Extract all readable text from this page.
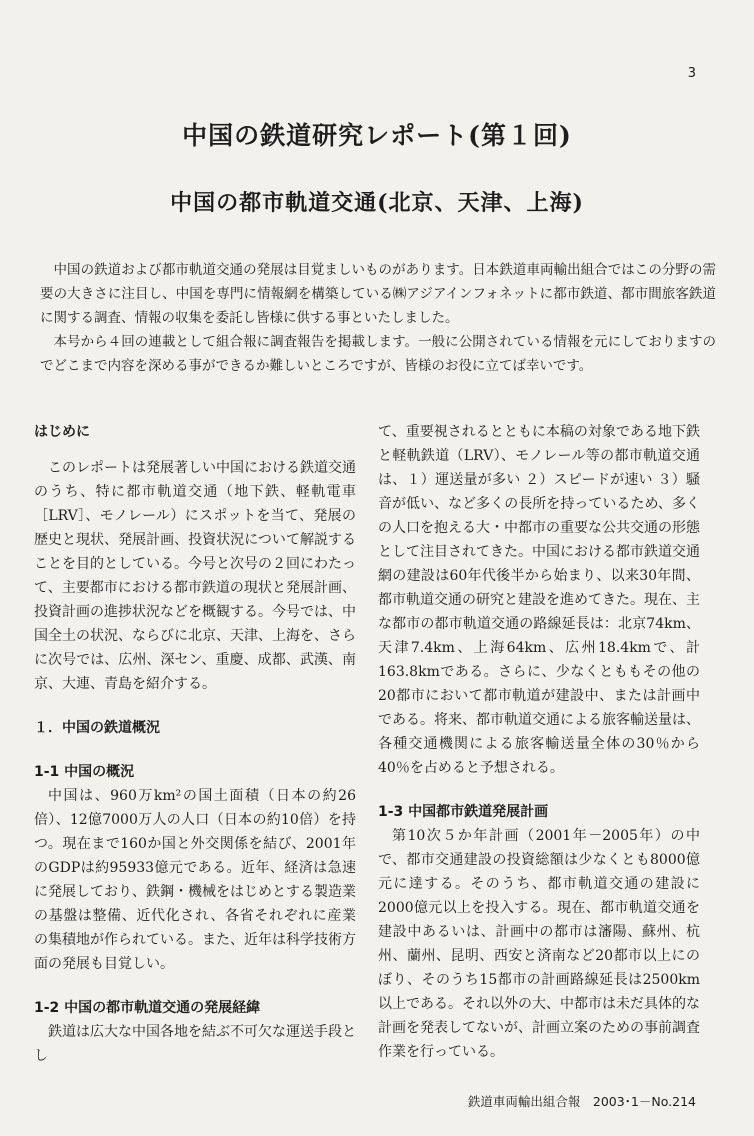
3
中国の鉄道研究レポート(第１回)
中国の都市軌道交通(北京、天津、上海)

中国の鉄道および都市軌道交通の発展は目覚ましいものがあります。日本鉄道車両輸出組合ではこの分野の需要の大きさに注目し、中国を専門に情報網を構築している㈱アジアインフォネットに都市鉄道、都市間旅客鉄道に関する調査、情報の収集を委託し皆様に供する事といたしました。

本号から４回の連載として組合報に調査報告を掲載します。一般に公開されている情報を元にしておりますのでどこまで内容を深める事ができるか難しいところですが、皆様のお役に立てば幸いです。

はじめに

このレポートは発展著しい中国における鉄道交通のうち、特に都市軌道交通（地下鉄、軽軌電車［LRV］、モノレール）にスポットを当て、発展の歴史と現状、発展計画、投資状況について解説することを目的としている。今号と次号の２回にわたって、主要都市における都市鉄道の現状と発展計画、投資計画の進捗状況などを概観する。今号では、中国全土の状況、ならびに北京、天津、上海を、さらに次号では、広州、深セン、重慶、成都、武漢、南京、大連、青島を紹介する。

１．中国の鉄道概況
1-1 中国の概況

中国は、960万km²の国土面積（日本の約26倍）、12億7000万人の人口（日本の約10倍）を持つ。現在まで160か国と外交関係を結び、2001年のGDPは約95933億元である。近年、経済は急速に発展しており、鉄鋼・機械をはじめとする製造業の基盤は整備、近代化され、各省それぞれに産業の集積地が作られている。また、近年は科学技術方面の発展も目覚しい。

1-2 中国の都市軌道交通の発展経緯

鉄道は広大な中国各地を結ぶ不可欠な運送手段とし

て、重要視されるとともに本稿の対象である地下鉄と軽軌鉄道（LRV）、モノレール等の都市軌道交通は、１）運送量が多い ２）スピードが速い ３）騒音が低い、など多くの長所を持っているため、多くの人口を抱える大・中都市の重要な公共交通の形態として注目されてきた。中国における都市鉄道交通網の建設は60年代後半から始まり、以来30年間、都市軌道交通の研究と建設を進めてきた。現在、主な都市の都市軌道交通の路線延長は：北京74km、天津7.4km、上海64km、広州18.4kmで、計163.8kmである。さらに、少なくとももその他の20都市において都市軌道が建設中、または計画中である。将来、都市軌道交通による旅客輸送量は、各種交通機関による旅客輸送量全体の30％から40％を占めると予想される。

1-3 中国都市鉄道発展計画

第10次５か年計画（2001年－2005年）の中で、都市交通建設の投資総額は少なくとも8000億元に達する。そのうち、都市軌道交通の建設に2000億元以上を投入する。現在、都市軌道交通を建設中あるいは、計画中の都市は瀋陽、蘇州、杭州、蘭州、昆明、西安と済南など20都市以上にのぼり、そのうち15都市の計画路線延長は2500km以上である。それ以外の大、中都市は未だ具体的な計画を発表してないが、計画立案のための事前調査作業を行っている。

鉄道車両輸出組合報　2003･1－No.214
